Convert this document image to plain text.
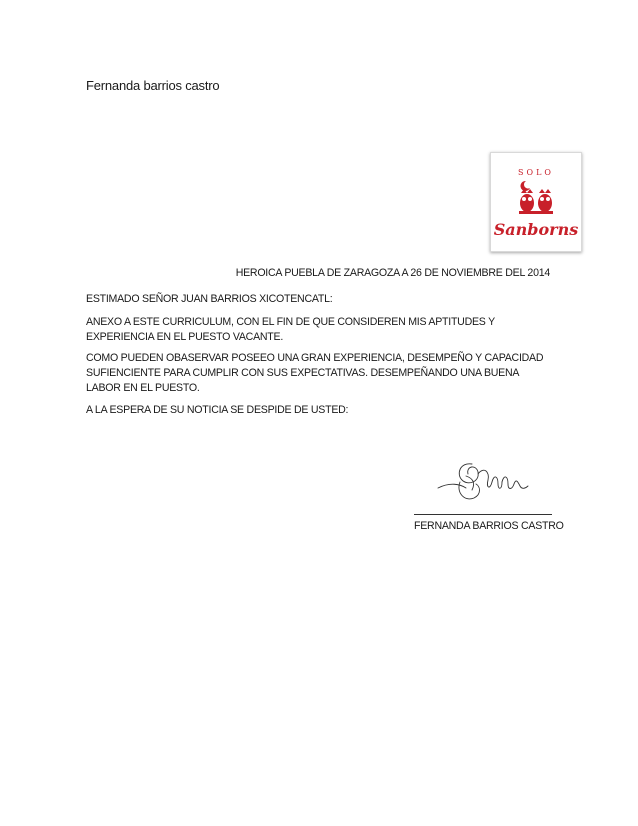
Fernanda barrios castro
SOLO
Sanborns
HEROICA PUEBLA DE ZARAGOZA A 26 DE NOVIEMBRE DEL 2014
ESTIMADO SEÑOR JUAN BARRIOS XICOTENCATL:
ANEXO A ESTE CURRICULUM, CON EL FIN DE QUE CONSIDEREN MIS APTITUDES Y EXPERIENCIA EN EL PUESTO VACANTE.
COMO PUEDEN OBASERVAR POSEEO UNA GRAN EXPERIENCIA, DESEMPEÑO Y CAPACIDAD SUFIENCIENTE PARA CUMPLIR CON SUS EXPECTATIVAS. DESEMPEÑANDO UNA BUENA LABOR EN EL PUESTO.
A LA ESPERA DE SU NOTICIA SE DESPIDE DE USTED:
FERNANDA BARRIOS CASTRO
